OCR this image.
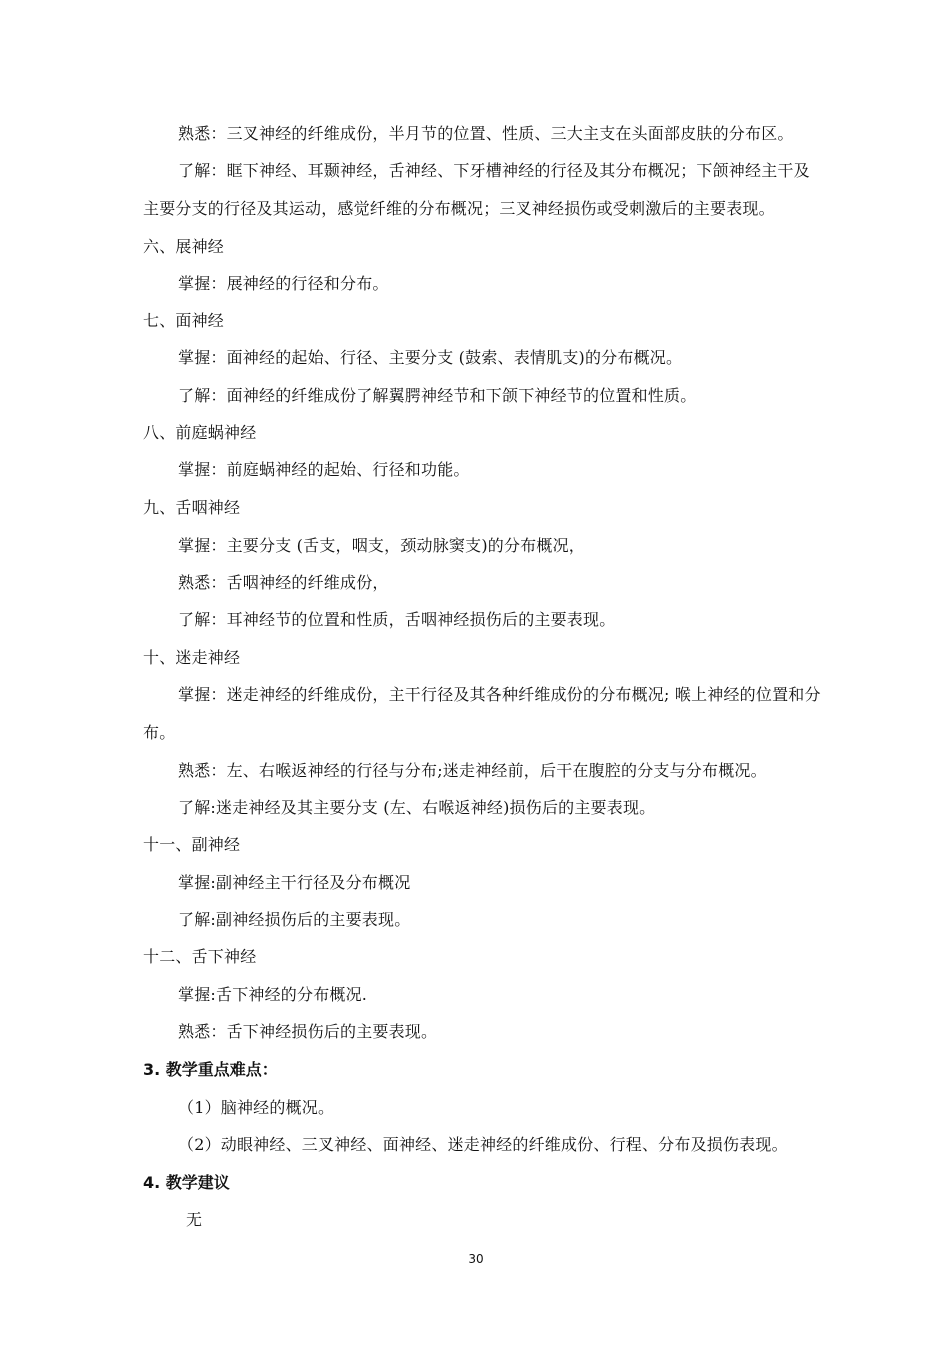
熟悉：三叉神经的纤维成份，半月节的位置、性质、三大主支在头面部皮肤的分布区。
了解：眶下神经、耳颞神经，舌神经、下牙槽神经的行径及其分布概况；下颌神经主干及
主要分支的行径及其运动，感觉纤维的分布概况；三叉神经损伤或受刺激后的主要表现。
六、展神经
掌握：展神经的行径和分布。
七、面神经
掌握：面神经的起始、行径、主要分支 (鼓索、表情肌支)的分布概况。
了解：面神经的纤维成份了解翼腭神经节和下颌下神经节的位置和性质。
八、前庭蜗神经
掌握：前庭蜗神经的起始、行径和功能。
九、舌咽神经
掌握：主要分支 (舌支，咽支，颈动脉窦支)的分布概况，
熟悉：舌咽神经的纤维成份，
了解：耳神经节的位置和性质，舌咽神经损伤后的主要表现。
十、迷走神经
掌握：迷走神经的纤维成份，主干行径及其各种纤维成份的分布概况; 喉上神经的位置和分
布。
熟悉：左、右喉返神经的行径与分布;迷走神经前，后干在腹腔的分支与分布概况。
了解:迷走神经及其主要分支 (左、右喉返神经)损伤后的主要表现。
十一、副神经
掌握:副神经主干行径及分布概况
了解:副神经损伤后的主要表现。
十二、舌下神经
掌握:舌下神经的分布概况.
熟悉：舌下神经损伤后的主要表现。
3. 教学重点难点：
（1）脑神经的概况。
（2）动眼神经、三叉神经、面神经、迷走神经的纤维成份、行程、分布及损伤表现。
4. 教学建议
无
30
